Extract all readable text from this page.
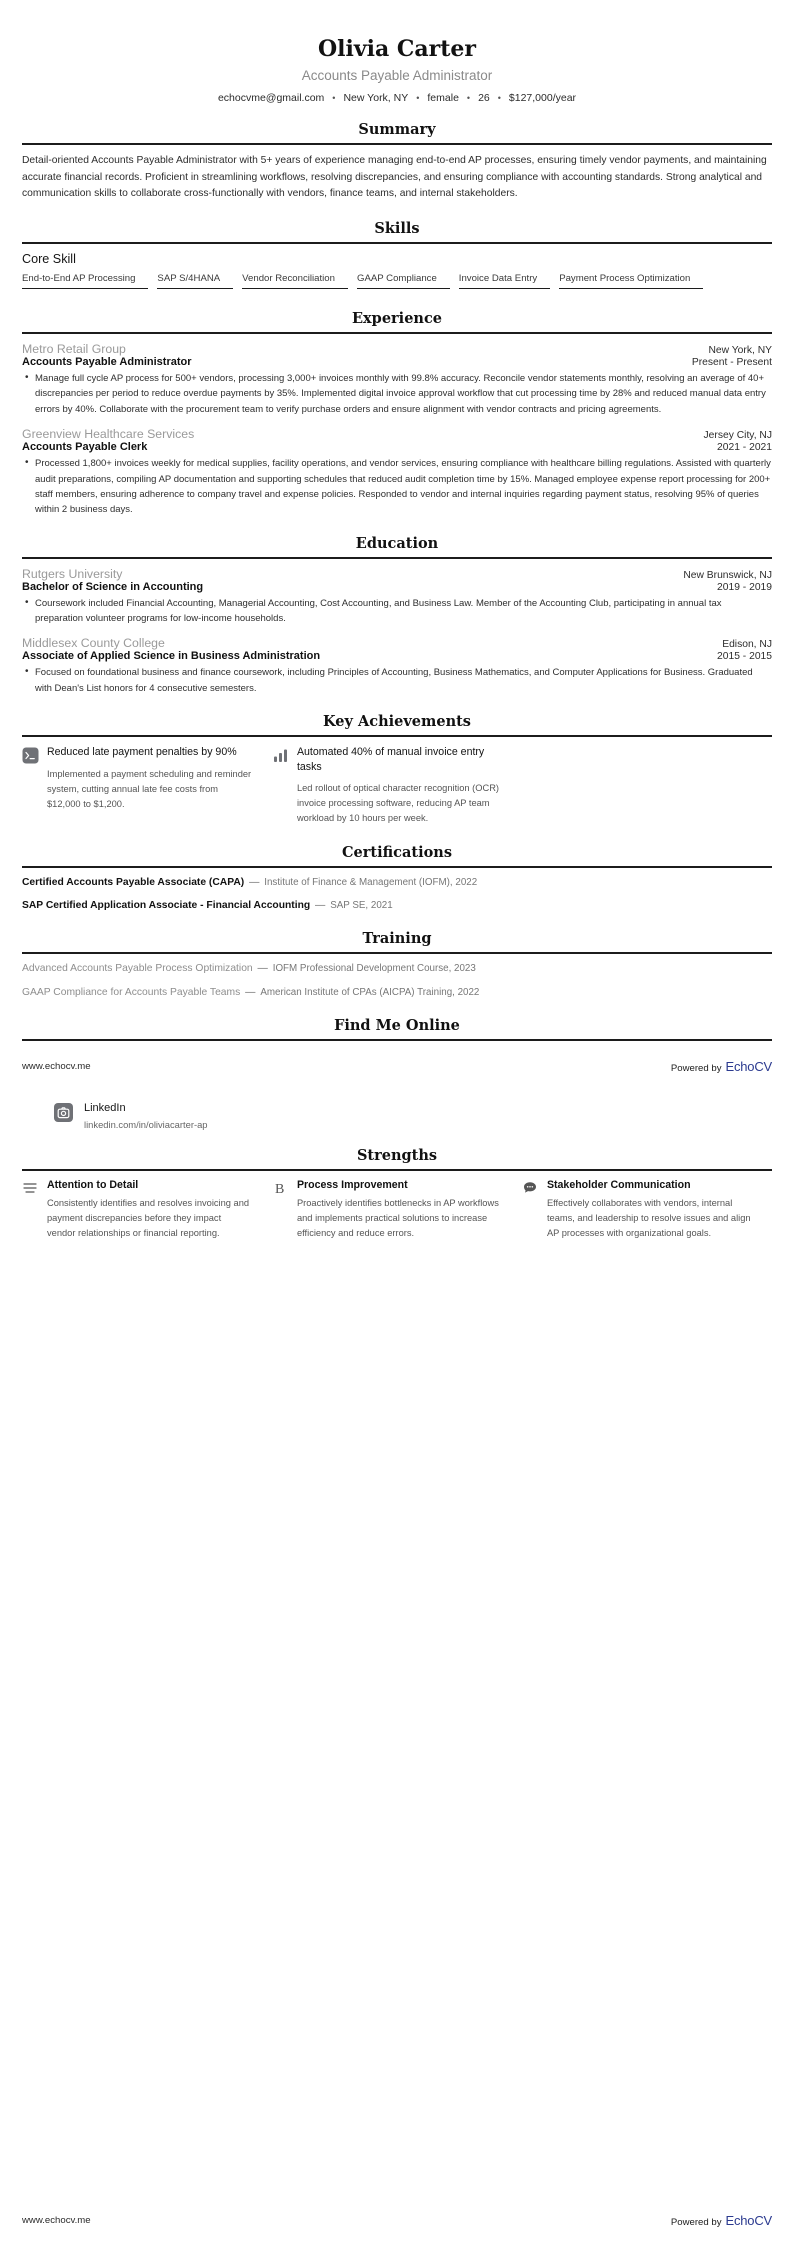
Olivia Carter
Accounts Payable Administrator
echocvme@gmail.com • New York, NY • female • 26 • $127,000/year
Summary

Detail-oriented Accounts Payable Administrator with 5+ years of experience managing end-to-end AP processes, ensuring timely vendor payments, and maintaining accurate financial records. Proficient in streamlining workflows, resolving discrepancies, and ensuring compliance with accounting standards. Strong analytical and communication skills to collaborate cross-functionally with vendors, finance teams, and internal stakeholders.

Skills
Core Skill
End-to-End AP Processing	SAP S/4HANA	Vendor Reconciliation	GAAP Compliance	Invoice Data Entry	Payment Process Optimization
Experience
Metro Retail Group	New York, NY
Accounts Payable Administrator	Present - Present
• Manage full cycle AP process for 500+ vendors, processing 3,000+ invoices monthly with 99.8% accuracy. Reconcile vendor statements monthly, resolving an average of 40+ discrepancies per period to reduce overdue payments by 35%. Implemented digital invoice approval workflow that cut processing time by 28% and reduced manual data entry errors by 40%. Collaborate with the procurement team to verify purchase orders and ensure alignment with vendor contracts and pricing agreements.
Greenview Healthcare Services	Jersey City, NJ
Accounts Payable Clerk	2021 - 2021
• Processed 1,800+ invoices weekly for medical supplies, facility operations, and vendor services, ensuring compliance with healthcare billing regulations. Assisted with quarterly audit preparations, compiling AP documentation and supporting schedules that reduced audit completion time by 15%. Managed employee expense report processing for 200+ staff members, ensuring adherence to company travel and expense policies. Responded to vendor and internal inquiries regarding payment status, resolving 95% of queries within 2 business days.
Education
Rutgers University	New Brunswick, NJ
Bachelor of Science in Accounting	2019 - 2019
• Coursework included Financial Accounting, Managerial Accounting, Cost Accounting, and Business Law. Member of the Accounting Club, participating in annual tax preparation volunteer programs for low-income households.
Middlesex County College	Edison, NJ
Associate of Applied Science in Business Administration	2015 - 2015
• Focused on foundational business and finance coursework, including Principles of Accounting, Business Mathematics, and Computer Applications for Business. Graduated with Dean's List honors for 4 consecutive semesters.
Key Achievements
Reduced late payment penalties by 90%

Implemented a payment scheduling and reminder system, cutting annual late fee costs from $12,000 to $1,200.

Automated 40% of manual invoice entry tasks

Led rollout of optical character recognition (OCR) invoice processing software, reducing AP team workload by 10 hours per week.

Certifications
Certified Accounts Payable Associate (CAPA) — Institute of Finance & Management (IOFM), 2022
SAP Certified Application Associate - Financial Accounting — SAP SE, 2021
Training
Advanced Accounts Payable Process Optimization — IOFM Professional Development Course, 2023
GAAP Compliance for Accounts Payable Teams — American Institute of CPAs (AICPA) Training, 2022
Find Me Online
www.echocv.me	Powered by EchoCV
LinkedIn
linkedin.com/in/oliviacarter-ap
Strengths
Attention to Detail

Consistently identifies and resolves invoicing and payment discrepancies before they impact vendor relationships or financial reporting.

B Process Improvement

Proactively identifies bottlenecks in AP workflows and implements practical solutions to increase efficiency and reduce errors.

Stakeholder Communication

Effectively collaborates with vendors, internal teams, and leadership to resolve issues and align AP processes with organizational goals.

www.echocv.me	Powered by EchoCV
